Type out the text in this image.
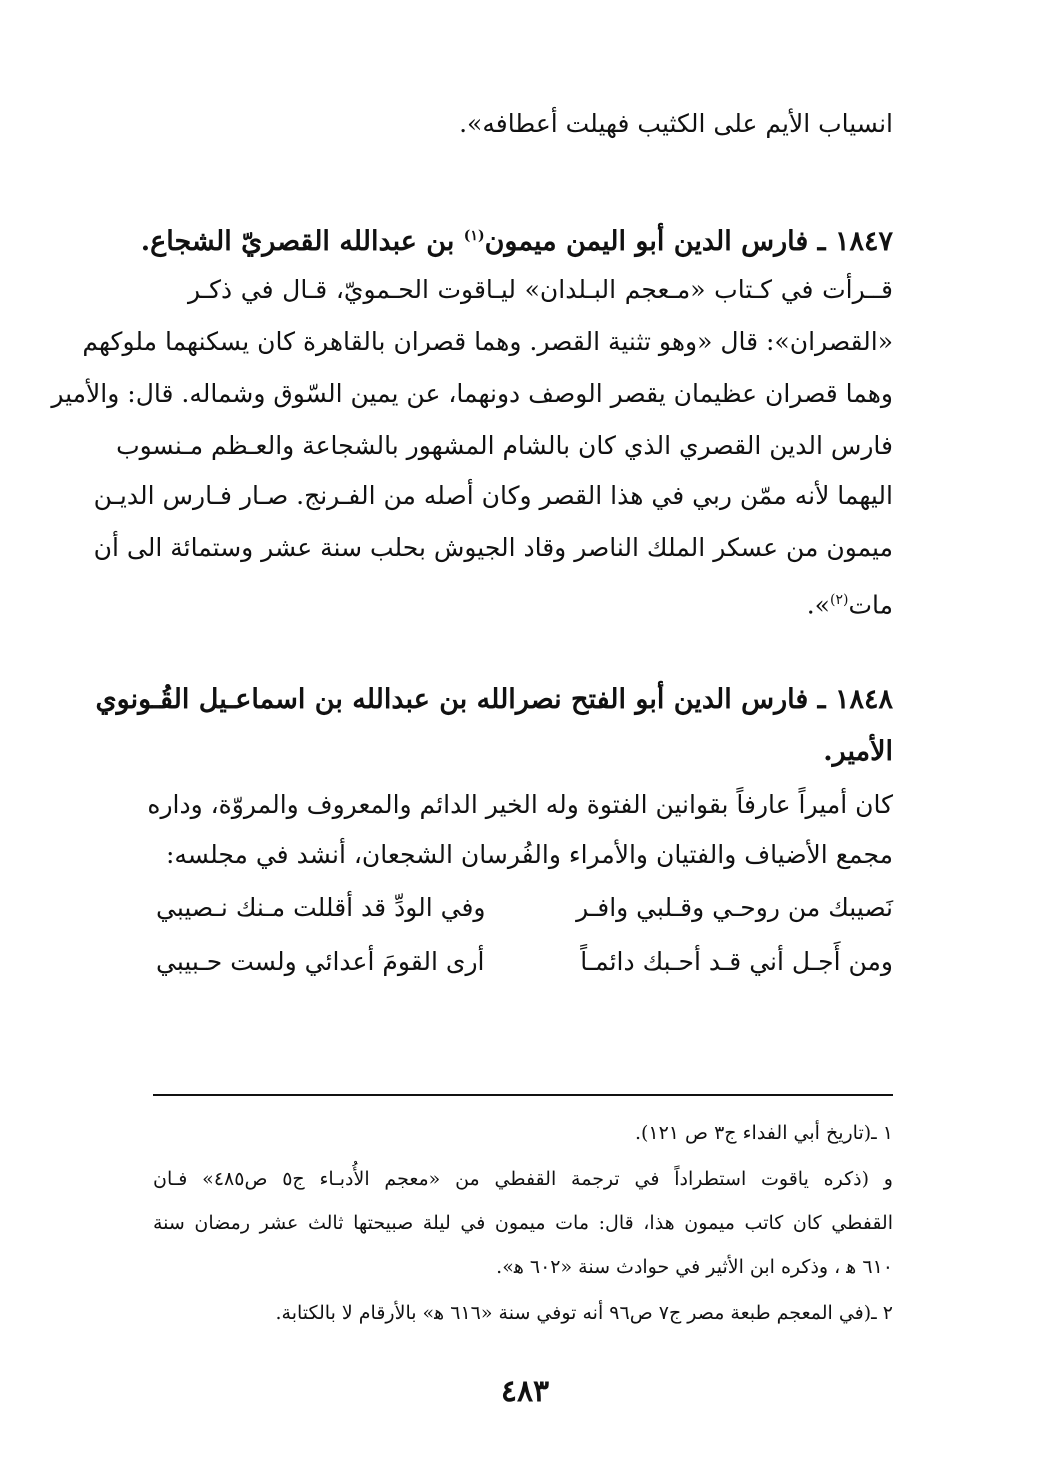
انسياب الأيم على الكثيب فهيلت أعطافه».
١٨٤٧ ـ فارس الدين أبو اليمن ميمون$^{(١)}$ بن عبدالله القصريّ الشجاع.
قــرأت في كـتاب «مـعجم البـلدان» ليـاقوت الحـمويّ، قـال في ذكـر
«القصران»: قال «وهو تثنية القصر. وهما قصران بالقاهرة كان يسكنهما ملوكهم
وهما قصران عظيمان يقصر الوصف دونهما، عن يمين السّوق وشماله. قال: والأمير
فارس الدين القصري الذي كان بالشام المشهور بالشجاعة والعـظم مـنسوب
اليهما لأنه ممّن ربي في هذا القصر وكان أصله من الفـرنج. صـار فـارس الديـن
ميمون من عسكر الملك الناصر وقاد الجيوش بحلب سنة عشر وستمائة الى أن
مات$^{(٢)}$».
١٨٤٨ ـ فارس الدين أبو الفتح نصرالله بن عبدالله بن اسماعـيل القُـونوي
الأمير.
كان أميراً عارفاً بقوانين الفتوة وله الخير الدائم والمعروف والمروّة، وداره
مجمع الأضياف والفتيان والأمراء والفُرسان الشجعان، أنشد في مجلسه:
نَصيبك من روحـي وقـلبي وافـر
وفي الودِّ قد أقللت مـنك نـصيبي
ومن أَجـل أني قـد أحـبك دائمـاً
أرى القومَ أعدائي ولست حـبيبي
١ ـ(تاريخ أبي الفداء ج٣ ص ١٢١).
و (ذكره ياقوت استطراداً في ترجمة القفطي من «معجم الأُدبـاء ج٥ ص٤٨٥» فـان
القفطي كان كاتب ميمون هذا، قال: مات ميمون في ليلة صبيحتها ثالث عشر رمضان سنة
٦١٠ ه‍ ، وذكره ابن الأثير في حوادث سنة «٦٠٢ ه‍».
٢ ـ(في المعجم طبعة مصر ج٧ ص٩٦ أنه توفي سنة «٦١٦ ه‍» بالأرقام لا بالكتابة.
٤٨٣
